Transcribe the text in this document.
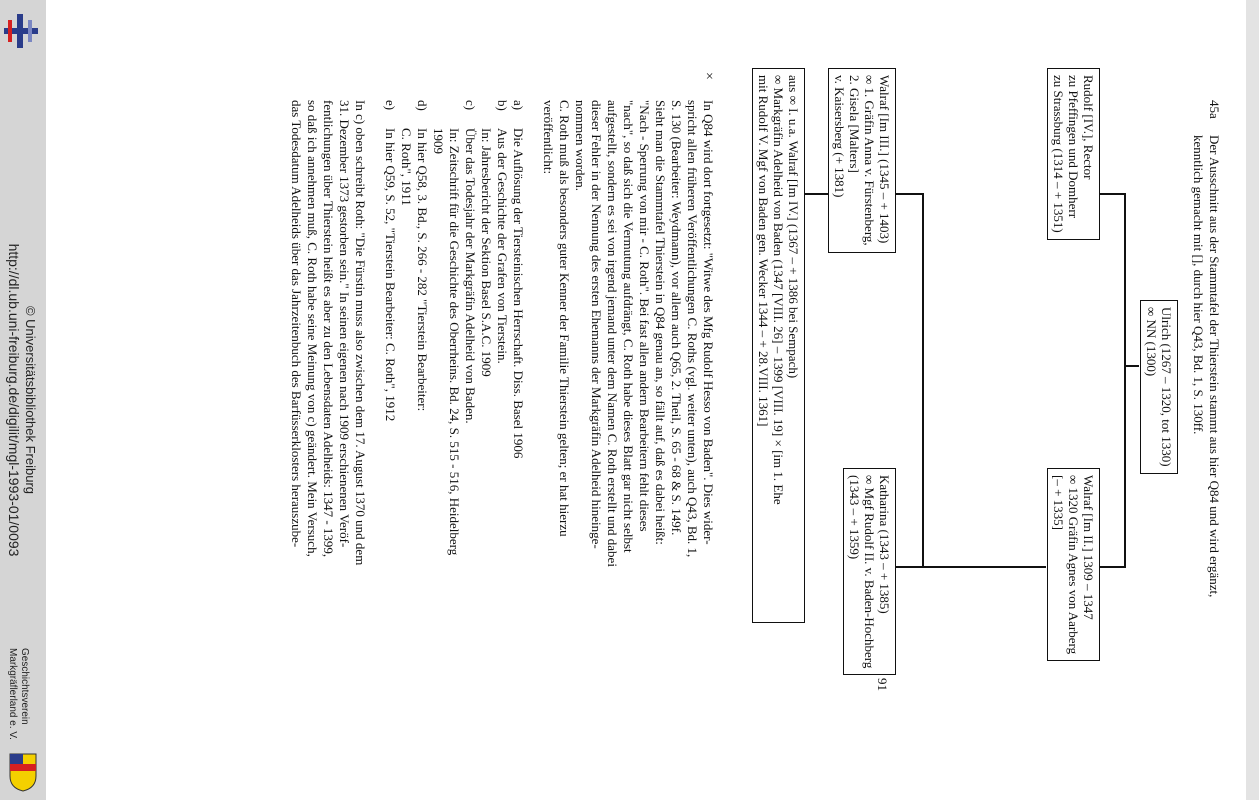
http://dl.ub.uni-freiburg.de/digilit/mgl-1993-01/0093 © Universitätsbibliothek Freiburg
Geschichtsverein
Markgräflerland e. V.
45a
Der Ausschnitt aus der Stammtafel der Thierstein stammt aus hier Q84 und wird ergänzt,
kenntlich gemacht mit [], durch hier Q43, Bd. 1, S. 130ff.
Ulrich (1267 – 1320, tot 1330)
∞ NN (1300)
Rudolf [IV.], Rector
zu Pfeffingen und Domherr
zu Strassburg (1314 – + 1351)
Walraf [Im II.] 1309 – 1347
∞ 1320 Gräfin Agnes von Aarberg
[– + 1335]
Walraf [Im III.] (1345 – + 1403)
∞ 1. Gräfin Anna v. Fürstenberg,
2. Gisela [Malters]
v. Kaisersberg (+ 1381)
Katharina (1343 – + 1385)
∞ Mgf Rudolf II. v. Baden-Hochberg
(1343 – + 1359)
aus ∞ I. u.a. Walraf [Im IV.] (1367 – + 1386 bei Sempach)
∞ Markgräfin Adelheid von Baden (1347 [VIII. 26] – 1399 [VIII. 19] × [im 1. Ehe
mit Rudolf V. Mgf von Baden gen. Wecker 1344 – + 28.VIII. 1361]
×
In Q84 wird dort fortgesetzt: "Witwe des Mfg Rudolf Hesso von Baden". Dies wider-
spricht allen früheren Veröffentlichungen C. Roths (vgl. weiter unten), auch Q43, Bd. 1,
S. 130 (Bearbeiter: Weydmann), vor allem auch Q65, 2. Theil, S. 65 - 68 & S. 149f.
Sieht man die Stammtafel Thierstein in Q84 genau an, so fällt auf, daß es dabei heißt:
"Nach - Sperrung von mir - C. Roth". Bei fast allen andern Bearbeitern fehlt dieses
"nach", so daß sich die Vermutung aufdrängt, C. Roth habe dieses Blatt gar nicht selbst
aufgestellt, sondern es sei von irgend jemand unter dem Namen C. Roth erstellt und dabei
dieser Fehler in der Nennung des ersten Ehemanns der Markgräfin Adelheid hineinge-
nommen worden.
C. Roth muß als besonders guter Kenner der Familie Thierstein gelten; er hat hierzu
veröffentlicht:
a)
Die Auflösung der Tiersteinischen Herrschaft. Diss. Basel 1906
b)
Aus der Geschichte der Grafen von Tierstein.
In: Jahresbericht der Sektion Basel S.A.C. 1909
c)
Über das Todesjahr der Markgräfin Adelheid von Baden.
In: Zeitschrift für die Geschichte des Oberrheins. Bd. 24, S. 515 - 516, Heidelberg
1909
d)
In hier Q58, 3. Bd., S. 266 - 282 "Tierstein Bearbeiter:
C. Roth", 1911
e)
In hier Q59, S. 52, "Tierstein Bearbeiter: C. Roth", 1912
In c) oben schreibt Roth: "Die Fürstin muss also zwischen dem 17. August 1370 und dem
31. Dezember 1373 gestorben sein." In seinen eigenen nach 1909 erschienenen Veröf-
fentlichungen über Thierstein heißt es aber zu den Lebensdaten Adelheids: 1347 - 1399,
so daß ich annehmen muß, C. Roth habe seine Meinung von c) geändert. Mein Versuch,
das Todesdatum Adelheids über das Jahrzeitenbuch des Barfüsserklosters herauszube-
91
